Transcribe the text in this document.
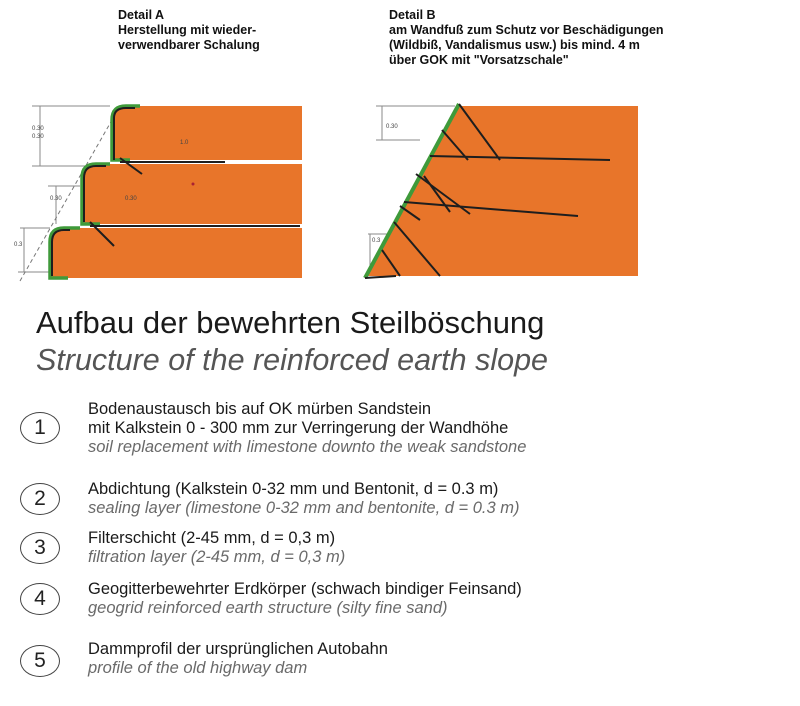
Detail A
Herstellung mit wieder-
verwendbarer Schalung
Detail B
am Wandfuß zum Schutz vor Beschädigungen
(Wildbiß, Vandalismus usw.) bis mind. 4 m
über GOK mit "Vorsatzschale"
0.30
0.30
1.0
0.30
0.30
0.3
0.30
0.3
Aufbau der bewehrten Steilböschung
Structure of the reinforced earth slope
1
Bodenaustausch bis auf OK mürben Sandstein
mit Kalkstein 0 - 300 mm zur Verringerung der Wandhöhe
soil replacement with limestone downto the weak sandstone
2	Abdichtung (Kalkstein 0-32 mm und Bentonit, d = 0.3 m)
sealing layer (limestone 0-32 mm and bentonite, d = 0.3 m)
3	Filterschicht (2-45 mm, d = 0,3 m)
filtration layer (2-45 mm, d = 0,3 m)
4	Geogitterbewehrter Erdkörper (schwach bindiger Feinsand)
geogrid reinforced earth structure (silty fine sand)
5	Dammprofil der ursprünglichen Autobahn
profile of the old highway dam
